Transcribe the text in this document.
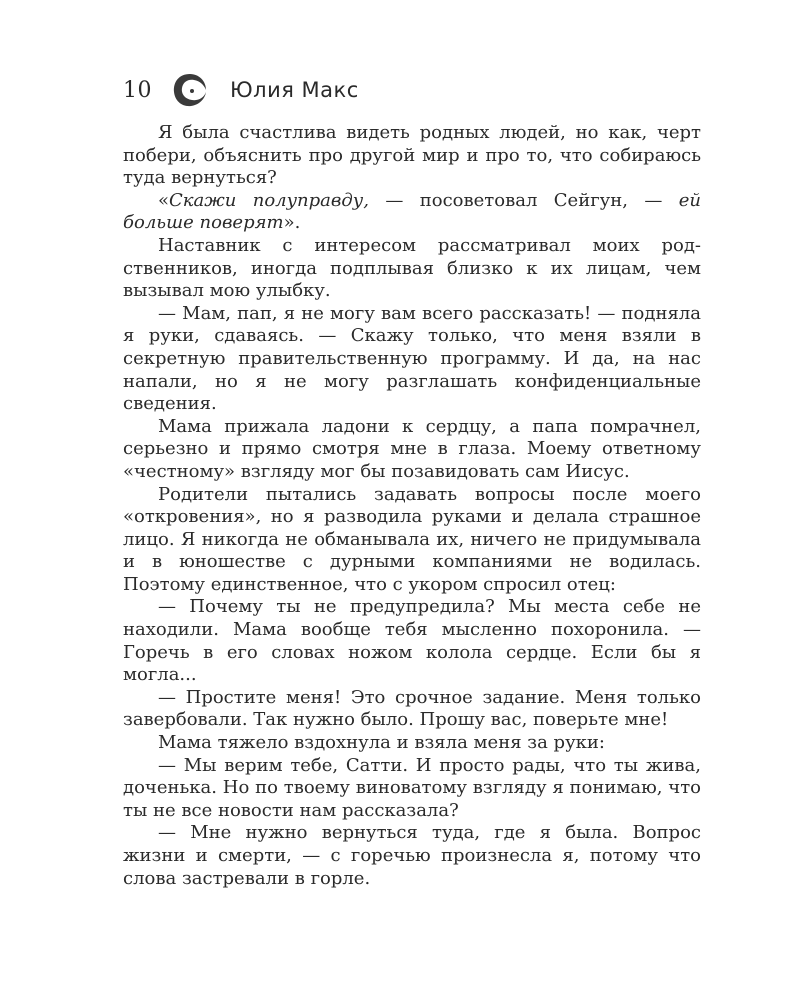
10	Юлия Макс

Я была счастлива видеть родных людей, но как, черт побери, объяснить про другой мир и про то, что собираюсь туда вернуться?

«Скажи полуправду, — посоветовал Сейгун, — ей больше поверят».

Наставник с интересом рассматривал моих родственников, иногда подплывая близко к их лицам, чем вызывал мою улыбку.

— Мам, пап, я не могу вам всего рассказать! — подняла я руки, сдаваясь. — Скажу только, что меня взяли в секретную правительственную программу. И да, на нас напали, но я не могу разглашать конфиденциальные сведения.

Мама прижала ладони к сердцу, а папа помрачнел, серьезно и прямо смотря мне в глаза. Моему ответному «честному» взгляду мог бы позавидовать сам Иисус.

Родители пытались задавать вопросы после моего «откровения», но я разводила руками и делала страшное лицо. Я никогда не обманывала их, ничего не придумывала и в юношестве с дурными компаниями не водилась. Поэтому единственное, что с укором спросил отец:

— Почему ты не предупредила? Мы места себе не находили. Мама вообще тебя мысленно похоронила. — Горечь в его словах ножом колола сердце. Если бы я могла...

— Простите меня! Это срочное задание. Меня только завербовали. Так нужно было. Прошу вас, поверьте мне!

Мама тяжело вздохнула и взяла меня за руки:

— Мы верим тебе, Сатти. И просто рады, что ты жива, доченька. Но по твоему виноватому взгляду я понимаю, что ты не все новости нам рассказала?

— Мне нужно вернуться туда, где я была. Вопрос жизни и смерти, — с горечью произнесла я, потому что слова застревали в горле.
